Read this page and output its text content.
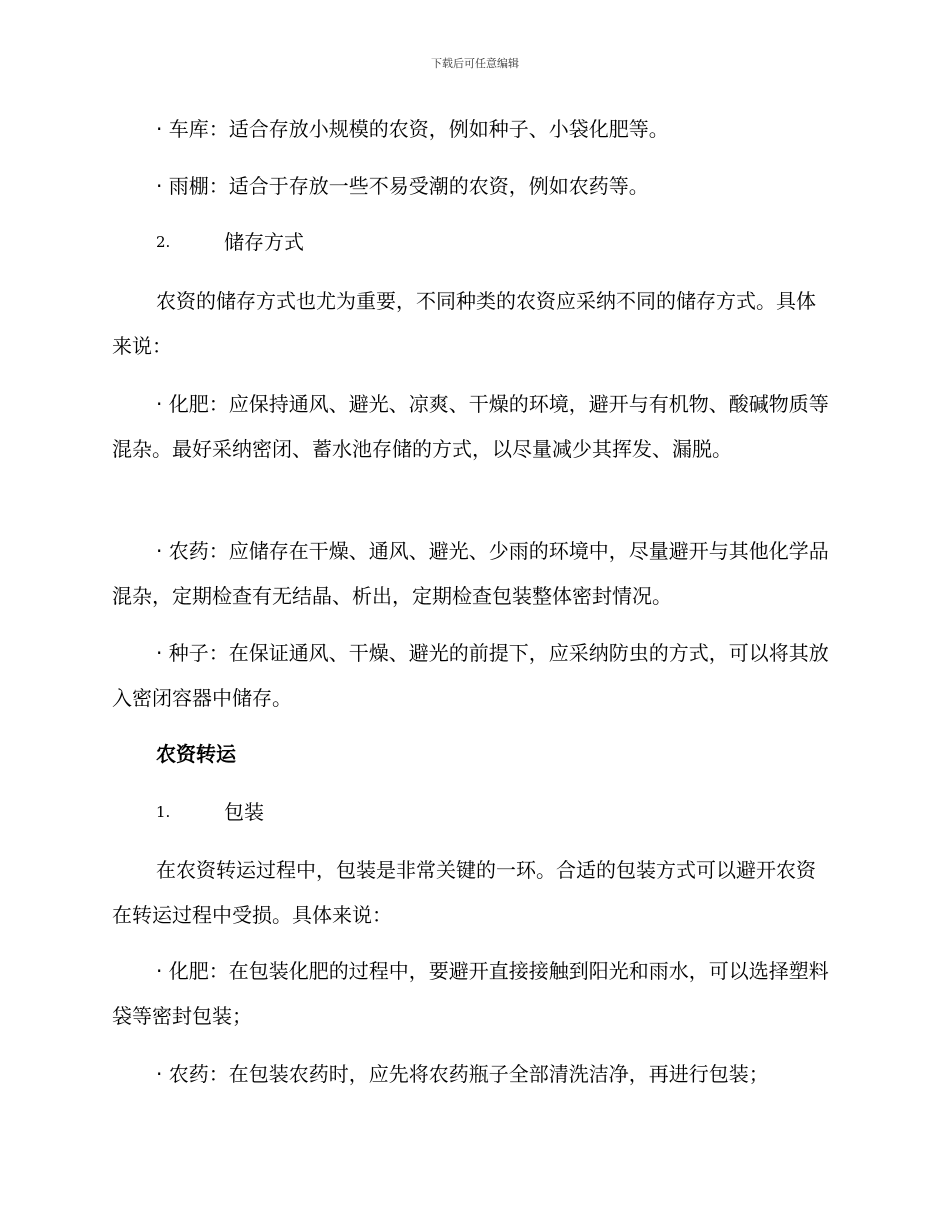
下载后可任意编辑

· 车库：适合存放小规模的农资，例如种子、小袋化肥等。

· 雨棚：适合于存放一些不易受潮的农资，例如农药等。

2.	储存方式

农资的储存方式也尤为重要，不同种类的农资应采纳不同的储存方式。具体来说：

· 化肥：应保持通风、避光、凉爽、干燥的环境，避开与有机物、酸碱物质等混杂。最好采纳密闭、蓄水池存储的方式，以尽量减少其挥发、漏脱。

· 农药：应储存在干燥、通风、避光、少雨的环境中，尽量避开与其他化学品混杂，定期检查有无结晶、析出，定期检查包装整体密封情况。

· 种子：在保证通风、干燥、避光的前提下，应采纳防虫的方式，可以将其放入密闭容器中储存。

农资转运

1.	包装

在农资转运过程中，包装是非常关键的一环。合适的包装方式可以避开农资在转运过程中受损。具体来说：

· 化肥：在包装化肥的过程中，要避开直接接触到阳光和雨水，可以选择塑料袋等密封包装；

· 农药：在包装农药时，应先将农药瓶子全部清洗洁净，再进行包装；
